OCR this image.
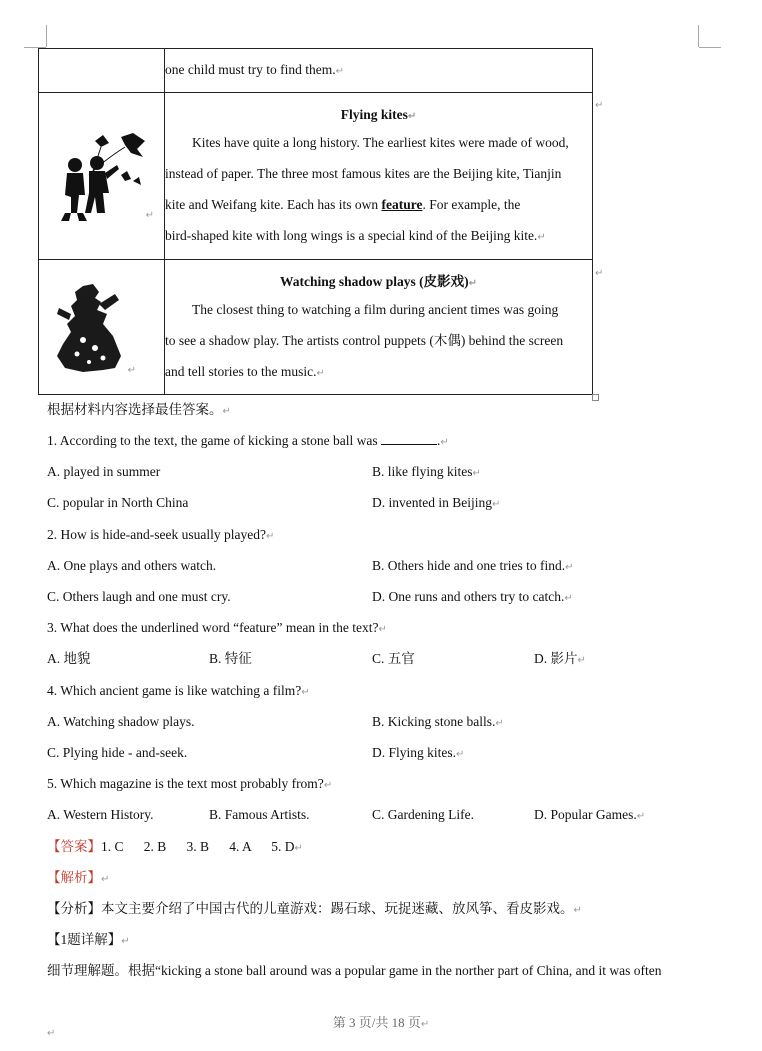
	one child must try to find them.↵

↵	Flying kites↵

Kites have quite a long history. The earliest kites were made of wood,

instead of paper. The three most famous kites are the Beijing kite, Tianjin

kite and Weifang kite. Each has its own feature. For example, the

bird-shaped kite with long wings is a special kind of the Beijing kite.↵

↵	Watching shadow plays (皮影戏)↵

The closest thing to watching a film during ancient times was going

to see a shadow play. The artists control puppets (木偶) behind the screen

and tell stories to the music.↵

↵
↵
根据材料内容选择最佳答案。↵
1. According to the text, the game of kicking a stone ball was	.↵
A. played in summer	B. like flying kites↵
C. popular in North China	D. invented in Beijing↵
2. How is hide-and-seek usually played?↵
A. One plays and others watch.	B. Others hide and one tries to find.↵
C. Others laugh and one must cry.	D. One runs and others try to catch.↵
3. What does the underlined word “feature” mean in the text?↵
A. 地貌	B. 特征	C. 五官	D. 影片↵
4. Which ancient game is like watching a film?↵
A. Watching shadow plays.	B. Kicking stone balls.↵
C. Plying hide - and-seek.	D. Flying kites.↵
5. Which magazine is the text most probably from?↵
A. Western History.	B. Famous Artists.	C. Gardening Life.	D. Popular Games.↵
【答案】1. C      2. B      3. B      4. A      5. D↵
【解析】↵
【分析】本文主要介绍了中国古代的儿童游戏：踢石球、玩捉迷藏、放风筝、看皮影戏。↵
【1题详解】↵
细节理解题。根据“kicking a stone ball around was a popular game in the norther part of China, and it was often
第 3 页/共 18 页↵
↵
